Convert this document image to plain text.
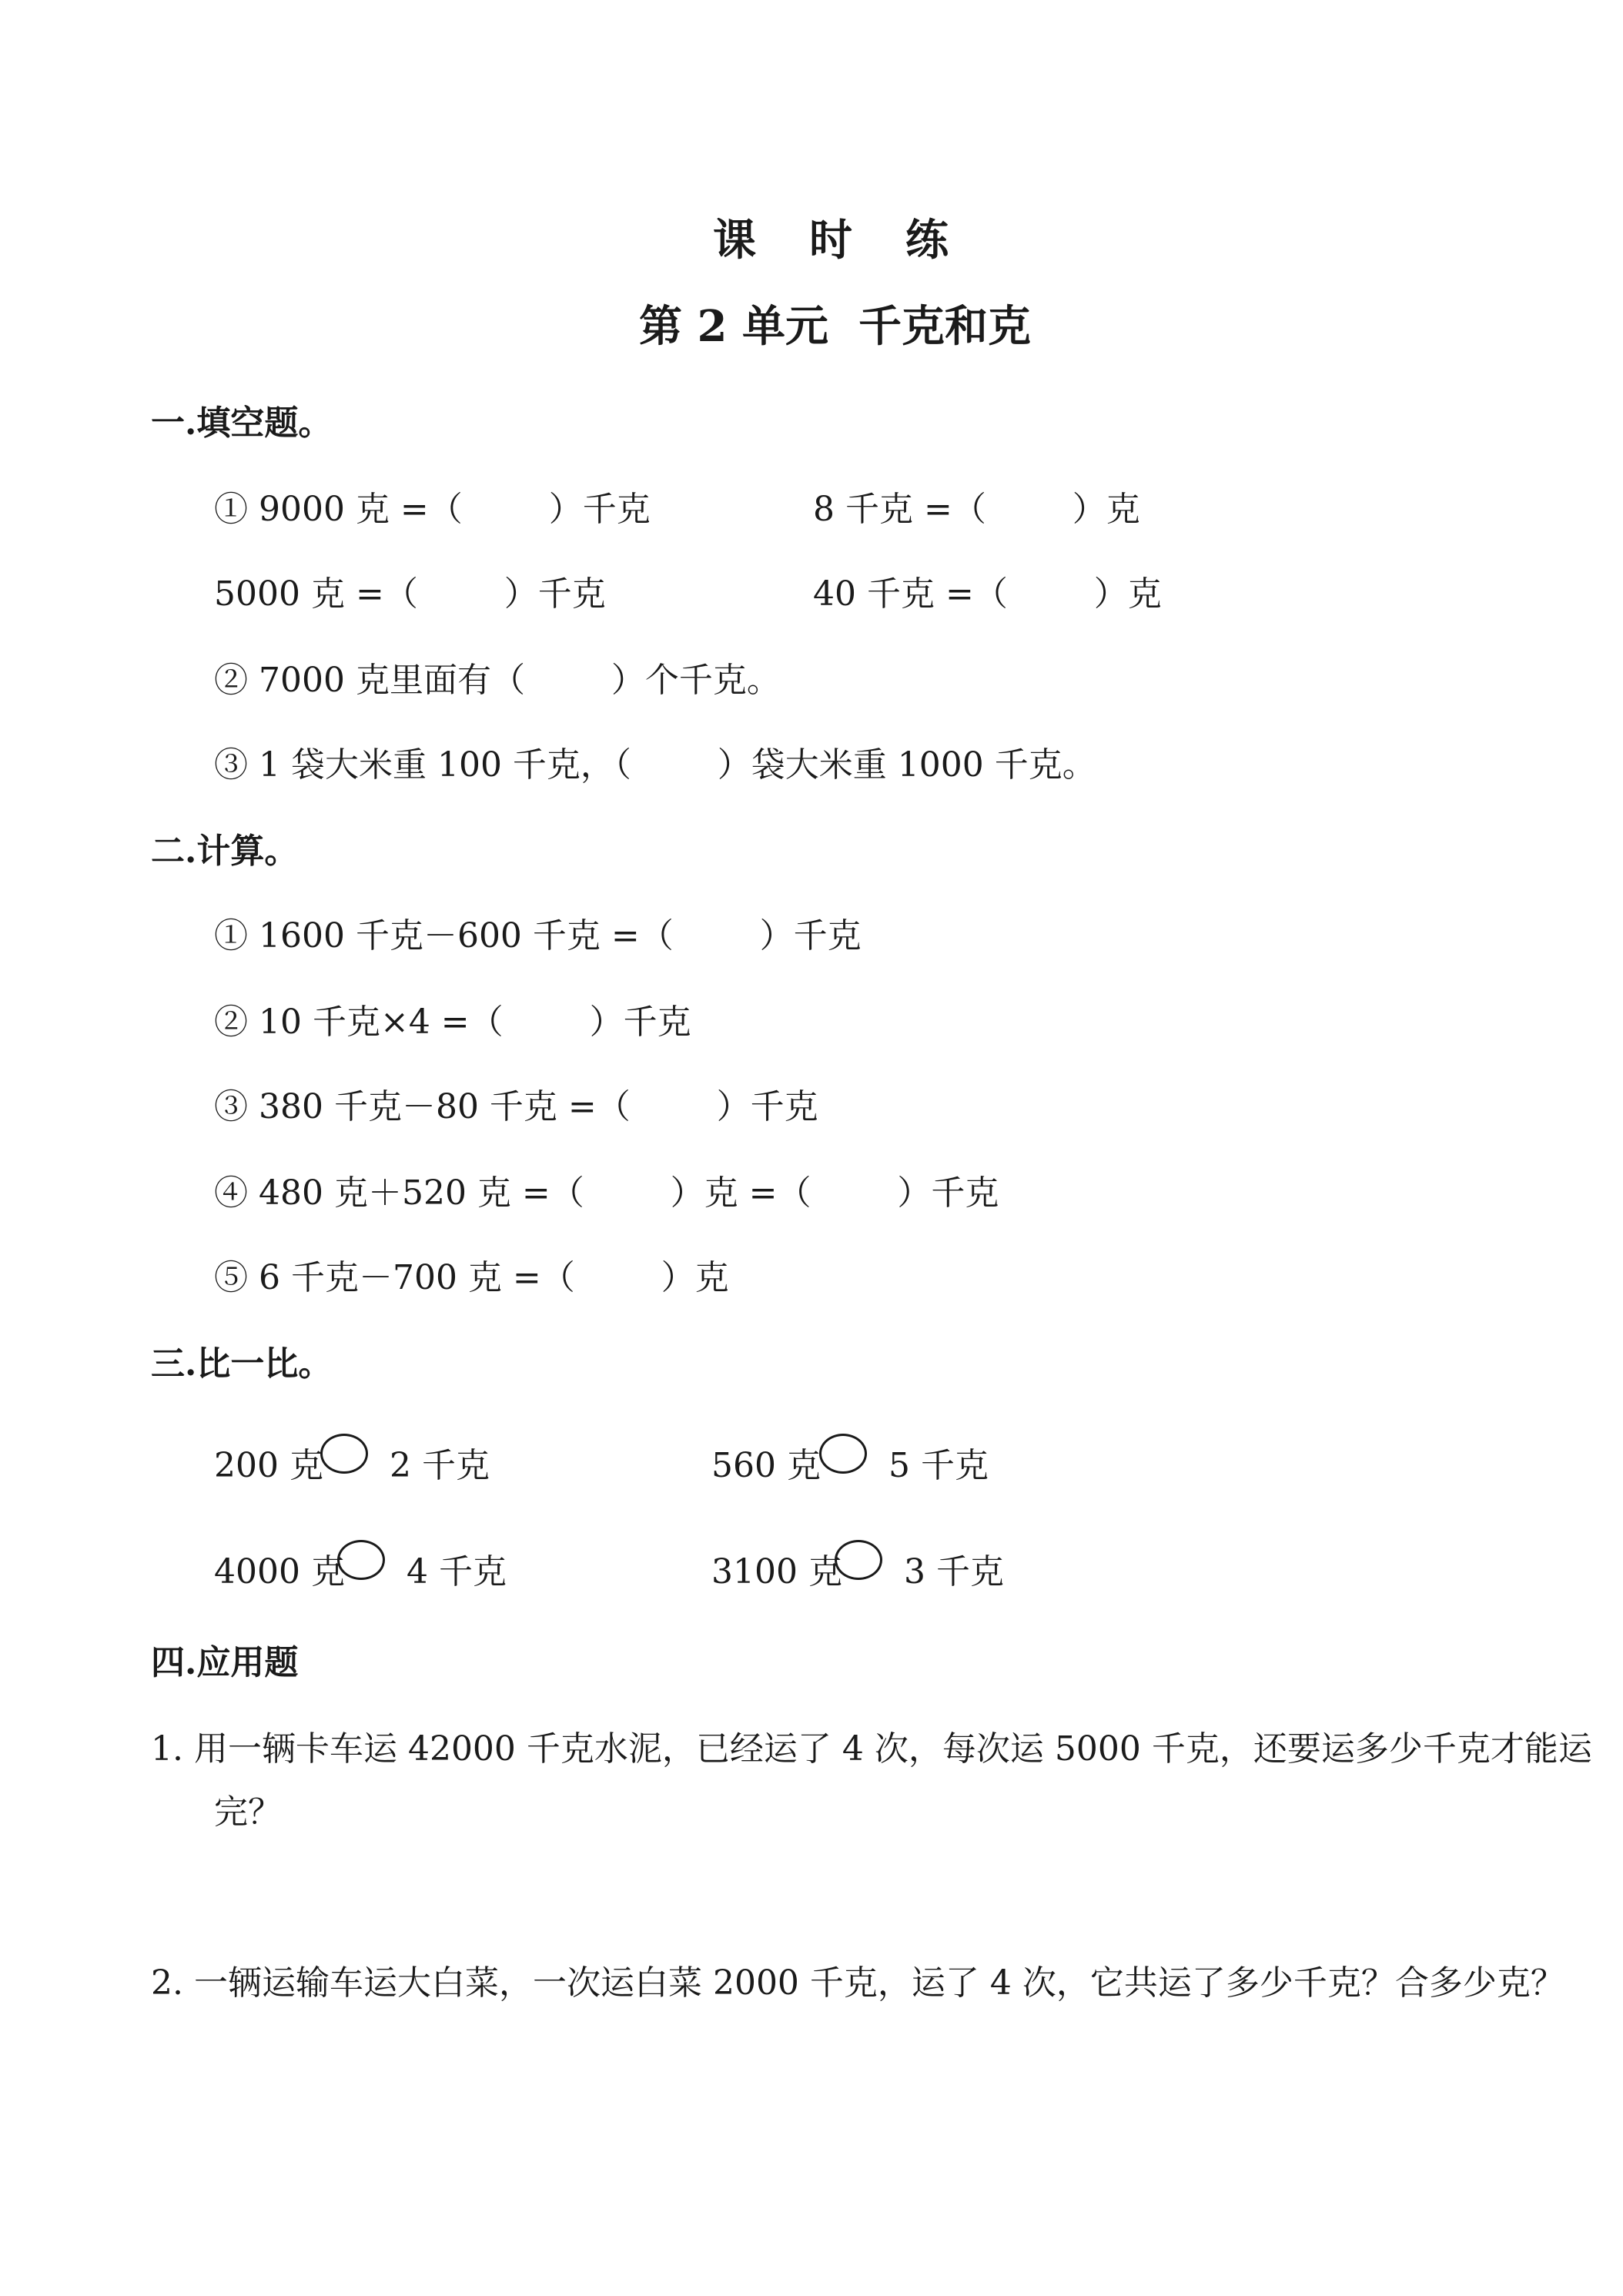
课  时  练
第 2 单元  千克和克
一.填空题。
① 9000 克 =（        ）千克	8 千克 =（        ）克
5000 克 =（        ）千克	40 千克 =（        ）克
② 7000 克里面有（        ）个千克。
③ 1 袋大米重 100 千克，（        ）袋大米重 1000 千克。
二.计算。
① 1600 千克－600 千克 =（        ）千克
② 10 千克×4 =（        ）千克
③ 380 千克－80 千克 =（        ）千克
④ 480 克＋520 克 =（        ）克 =（        ）千克
⑤ 6 千克－700 克 =（        ）克
三.比一比。
200 克 2 千克	560 克 5 千克
4000 克 4 千克	3100 克 3 千克
四.应用题
1. 用一辆卡车运 42000 千克水泥，已经运了 4 次，每次运 5000 千克，还要运多少千克才能运
完？
2. 一辆运输车运大白菜，一次运白菜 2000 千克，运了 4 次，它共运了多少千克？合多少克？
